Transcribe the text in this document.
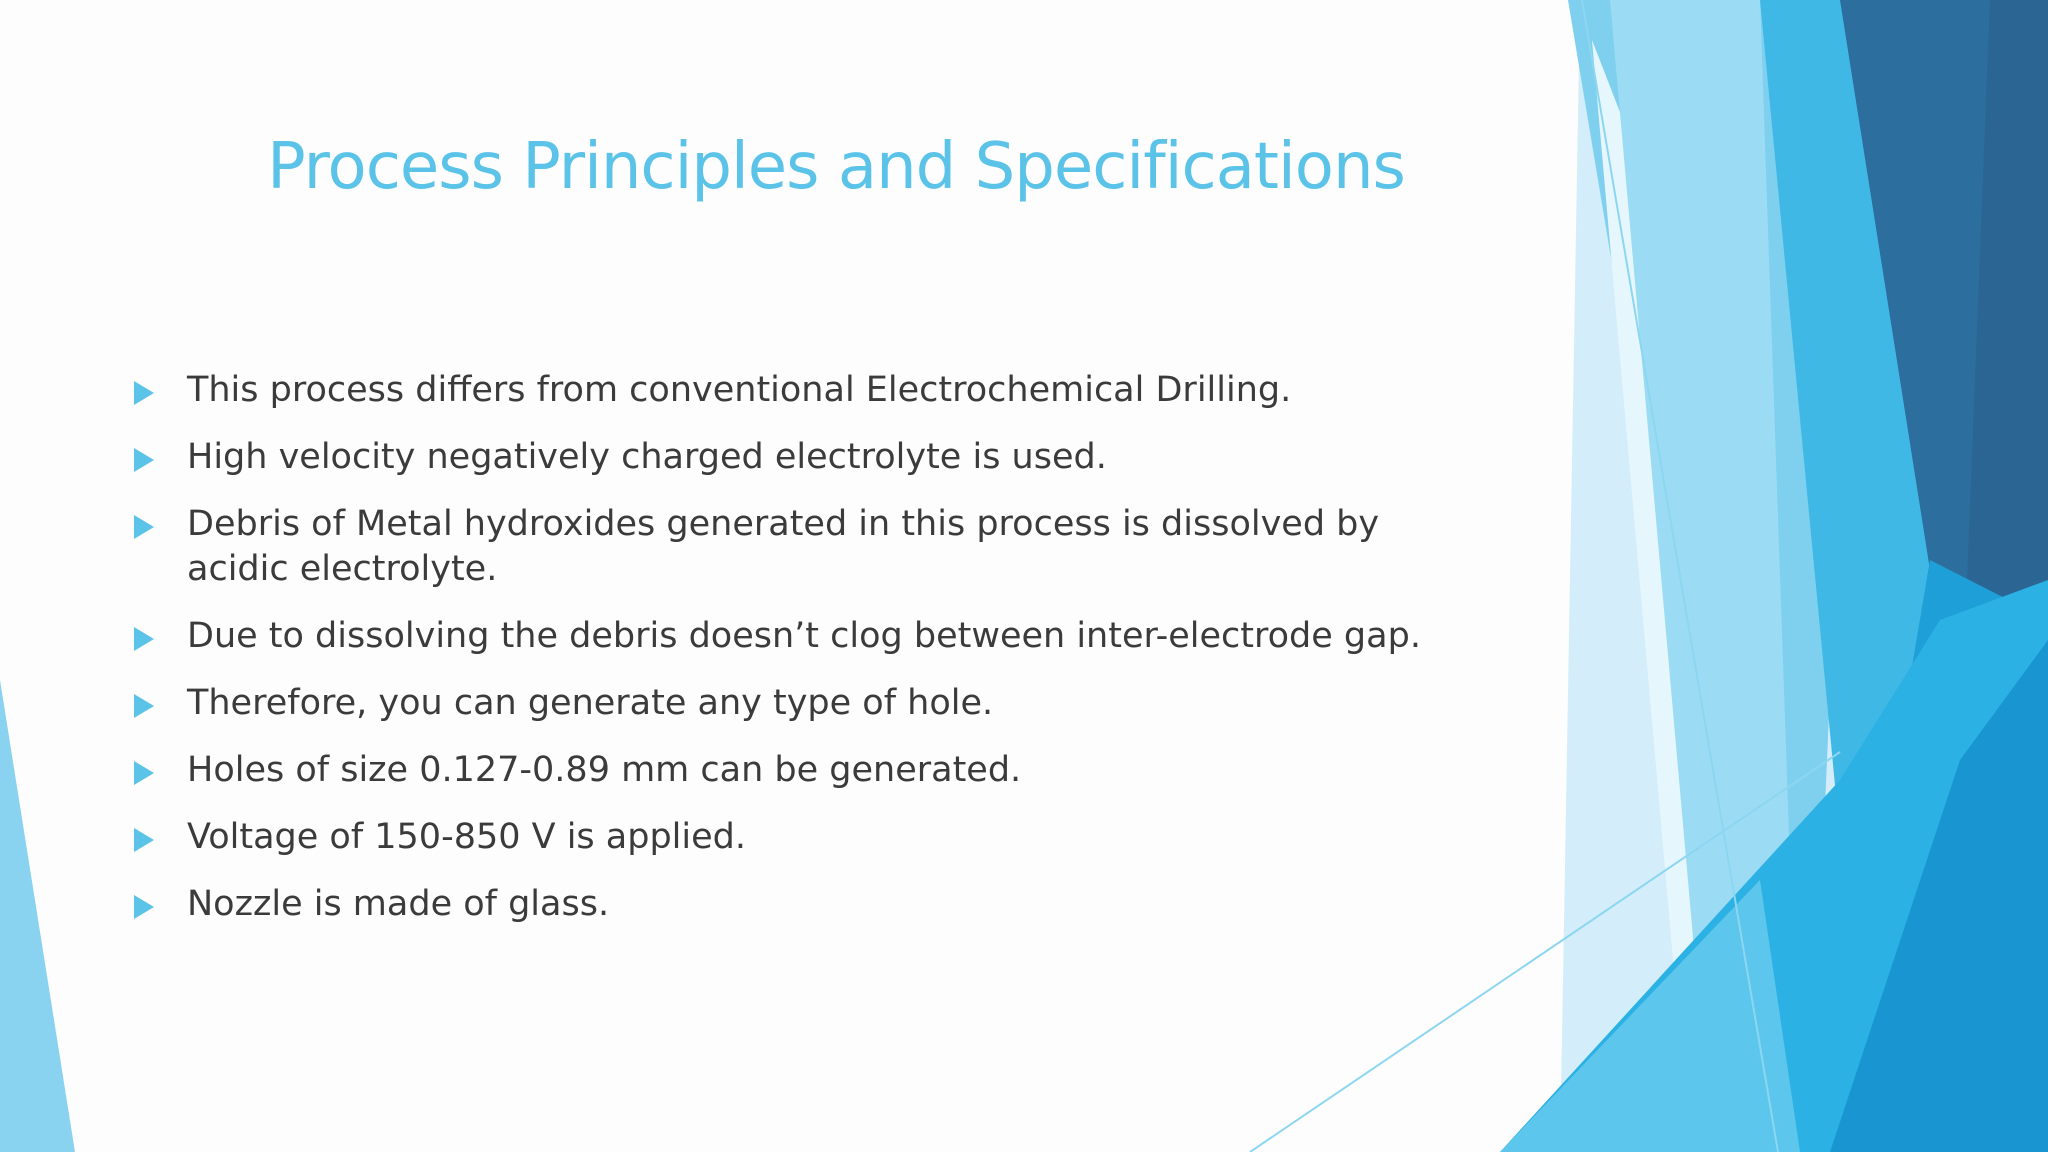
Process Principles and Specifications
This process differs from conventional Electrochemical Drilling.
High velocity negatively charged electrolyte is used.
Debris of Metal hydroxides generated in this process is dissolved by acidic electrolyte.
Due to dissolving the debris doesn’t clog between inter-electrode gap.
Therefore, you can generate any type of hole.
Holes of size 0.127-0.89 mm can be generated.
Voltage of 150-850 V is applied.
Nozzle is made of glass.
